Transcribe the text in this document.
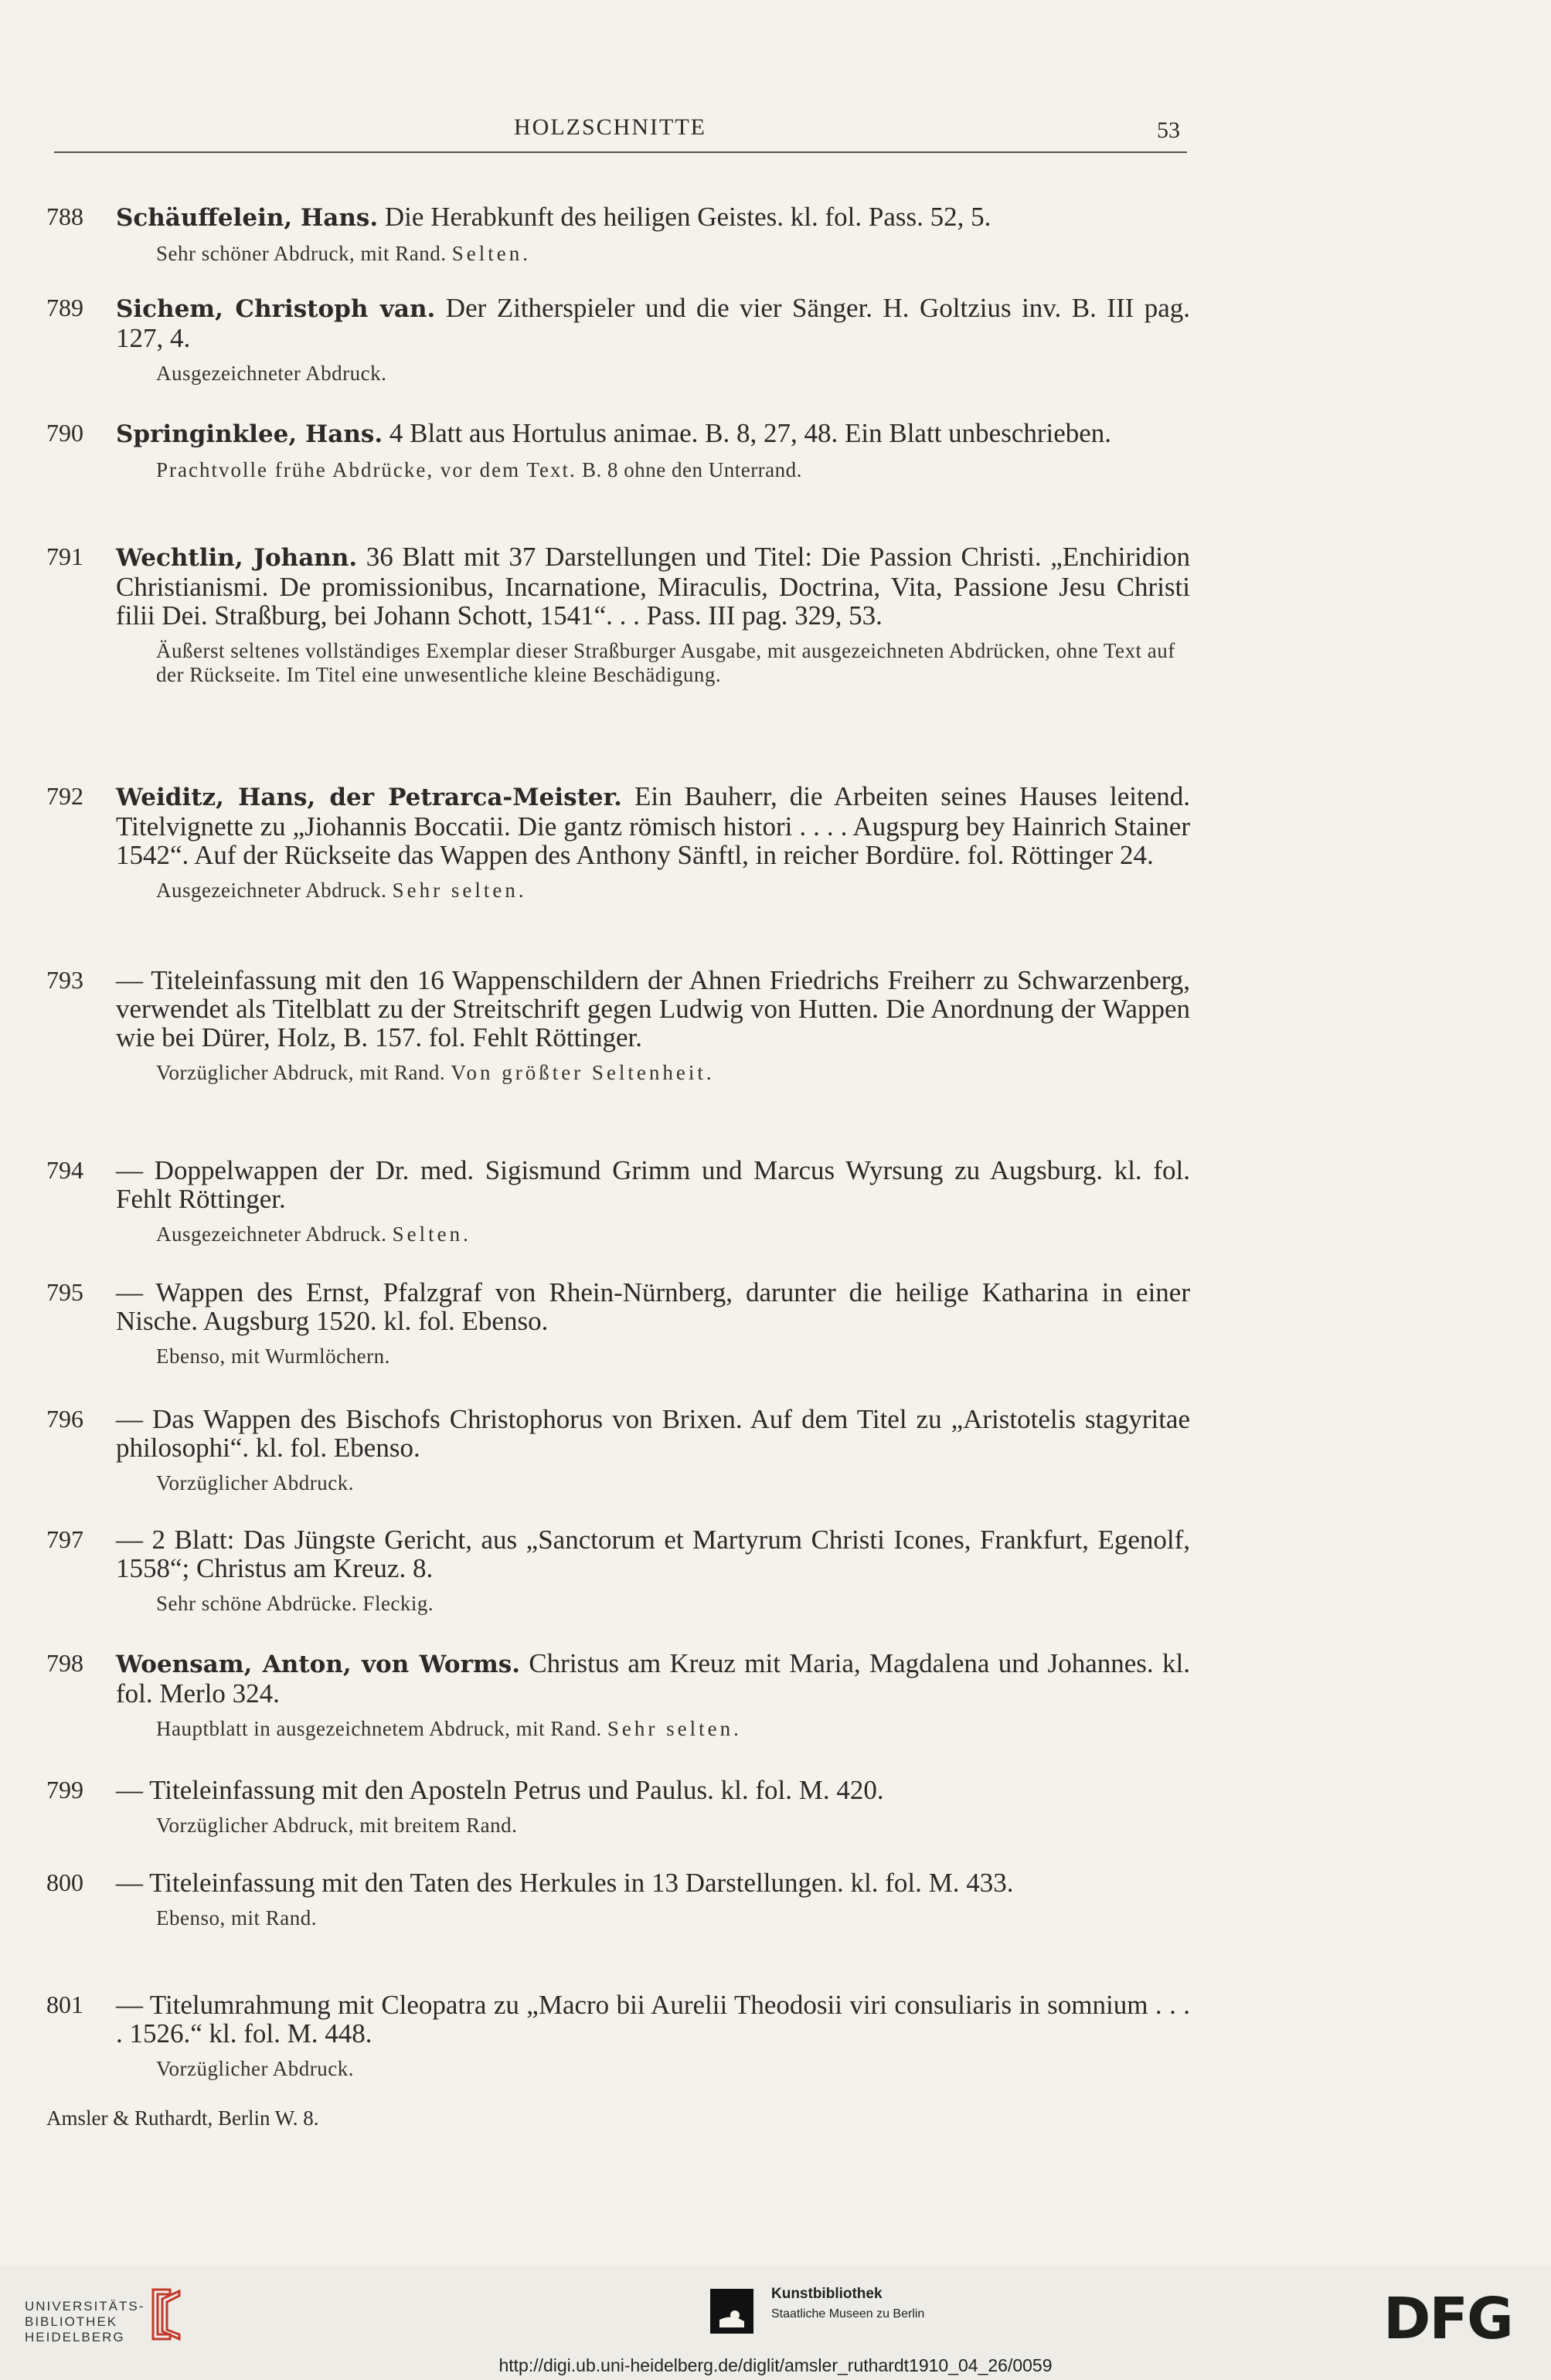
HOLZSCHNITTE	53
788 Schäuffelein, Hans. Die Herabkunft des heiligen Geistes. kl. fol. Pass. 52, 5.
Sehr schöner Abdruck, mit Rand. Selten.
789 Sichem, Christoph van. Der Zitherspieler und die vier Sänger. H. Goltzius inv. B. III pag. 127, 4.
Ausgezeichneter Abdruck.
790 Springinklee, Hans. 4 Blatt aus Hortulus animae. B. 8, 27, 48. Ein Blatt unbeschrieben.
Prachtvolle frühe Abdrücke, vor dem Text. B. 8 ohne den Unterrand.
791 Wechtlin, Johann. 36 Blatt mit 37 Darstellungen und Titel: Die Passion Christi. „Enchiridion Christianismi. De promissionibus, Incarnatione, Miraculis, Doctrina, Vita, Passione Jesu Christi filii Dei. Straßburg, bei Johann Schott, 1541“. . . Pass. III pag. 329, 53.
Äußerst seltenes vollständiges Exemplar dieser Straßburger Ausgabe, mit ausgezeichneten Abdrücken, ohne Text auf der Rückseite. Im Titel eine unwesentliche kleine Beschädigung.
792 Weiditz, Hans, der Petrarca-Meister. Ein Bauherr, die Arbeiten seines Hauses leitend. Titelvignette zu „Jiohannis Boccatii. Die gantz römisch histori . . . . Augspurg bey Hainrich Stainer 1542“. Auf der Rückseite das Wappen des Anthony Sänftl, in reicher Bordüre. fol. Röttinger 24.
Ausgezeichneter Abdruck. Sehr selten.
793 — Titeleinfassung mit den 16 Wappenschildern der Ahnen Friedrichs Freiherr zu Schwarzenberg, verwendet als Titelblatt zu der Streitschrift gegen Ludwig von Hutten. Die Anordnung der Wappen wie bei Dürer, Holz, B. 157. fol. Fehlt Röttinger.
Vorzüglicher Abdruck, mit Rand. Von größter Seltenheit.
794 — Doppelwappen der Dr. med. Sigismund Grimm und Marcus Wyrsung zu Augsburg. kl. fol. Fehlt Röttinger.
Ausgezeichneter Abdruck. Selten.
795 — Wappen des Ernst, Pfalzgraf von Rhein-Nürnberg, darunter die heilige Katharina in einer Nische. Augsburg 1520. kl. fol. Ebenso.
Ebenso, mit Wurmlöchern.
796 — Das Wappen des Bischofs Christophorus von Brixen. Auf dem Titel zu „Aristotelis stagyritae philosophi“. kl. fol. Ebenso.
Vorzüglicher Abdruck.
797 — 2 Blatt: Das Jüngste Gericht, aus „Sanctorum et Martyrum Christi Icones, Frankfurt, Egenolf, 1558“; Christus am Kreuz. 8.
Sehr schöne Abdrücke. Fleckig.
798 Woensam, Anton, von Worms. Christus am Kreuz mit Maria, Magdalena und Johannes. kl. fol. Merlo 324.
Hauptblatt in ausgezeichnetem Abdruck, mit Rand. Sehr selten.
799 — Titeleinfassung mit den Aposteln Petrus und Paulus. kl. fol. M. 420.
Vorzüglicher Abdruck, mit breitem Rand.
800 — Titeleinfassung mit den Taten des Herkules in 13 Darstellungen. kl. fol. M. 433.
Ebenso, mit Rand.
801 — Titelumrahmung mit Cleopatra zu „Macro bii Aurelii Theodosii viri consuliaris in somnium . . . . 1526.“ kl. fol. M. 448.
Vorzüglicher Abdruck.
Amsler & Ruthardt, Berlin W. 8.
UNIVERSITÄTS-
BIBLIOTHEK
HEIDELBERG
Kunstbibliothek
Staatliche Museen zu Berlin	DFG
http://digi.ub.uni-heidelberg.de/diglit/amsler_ruthardt1910_04_26/0059
